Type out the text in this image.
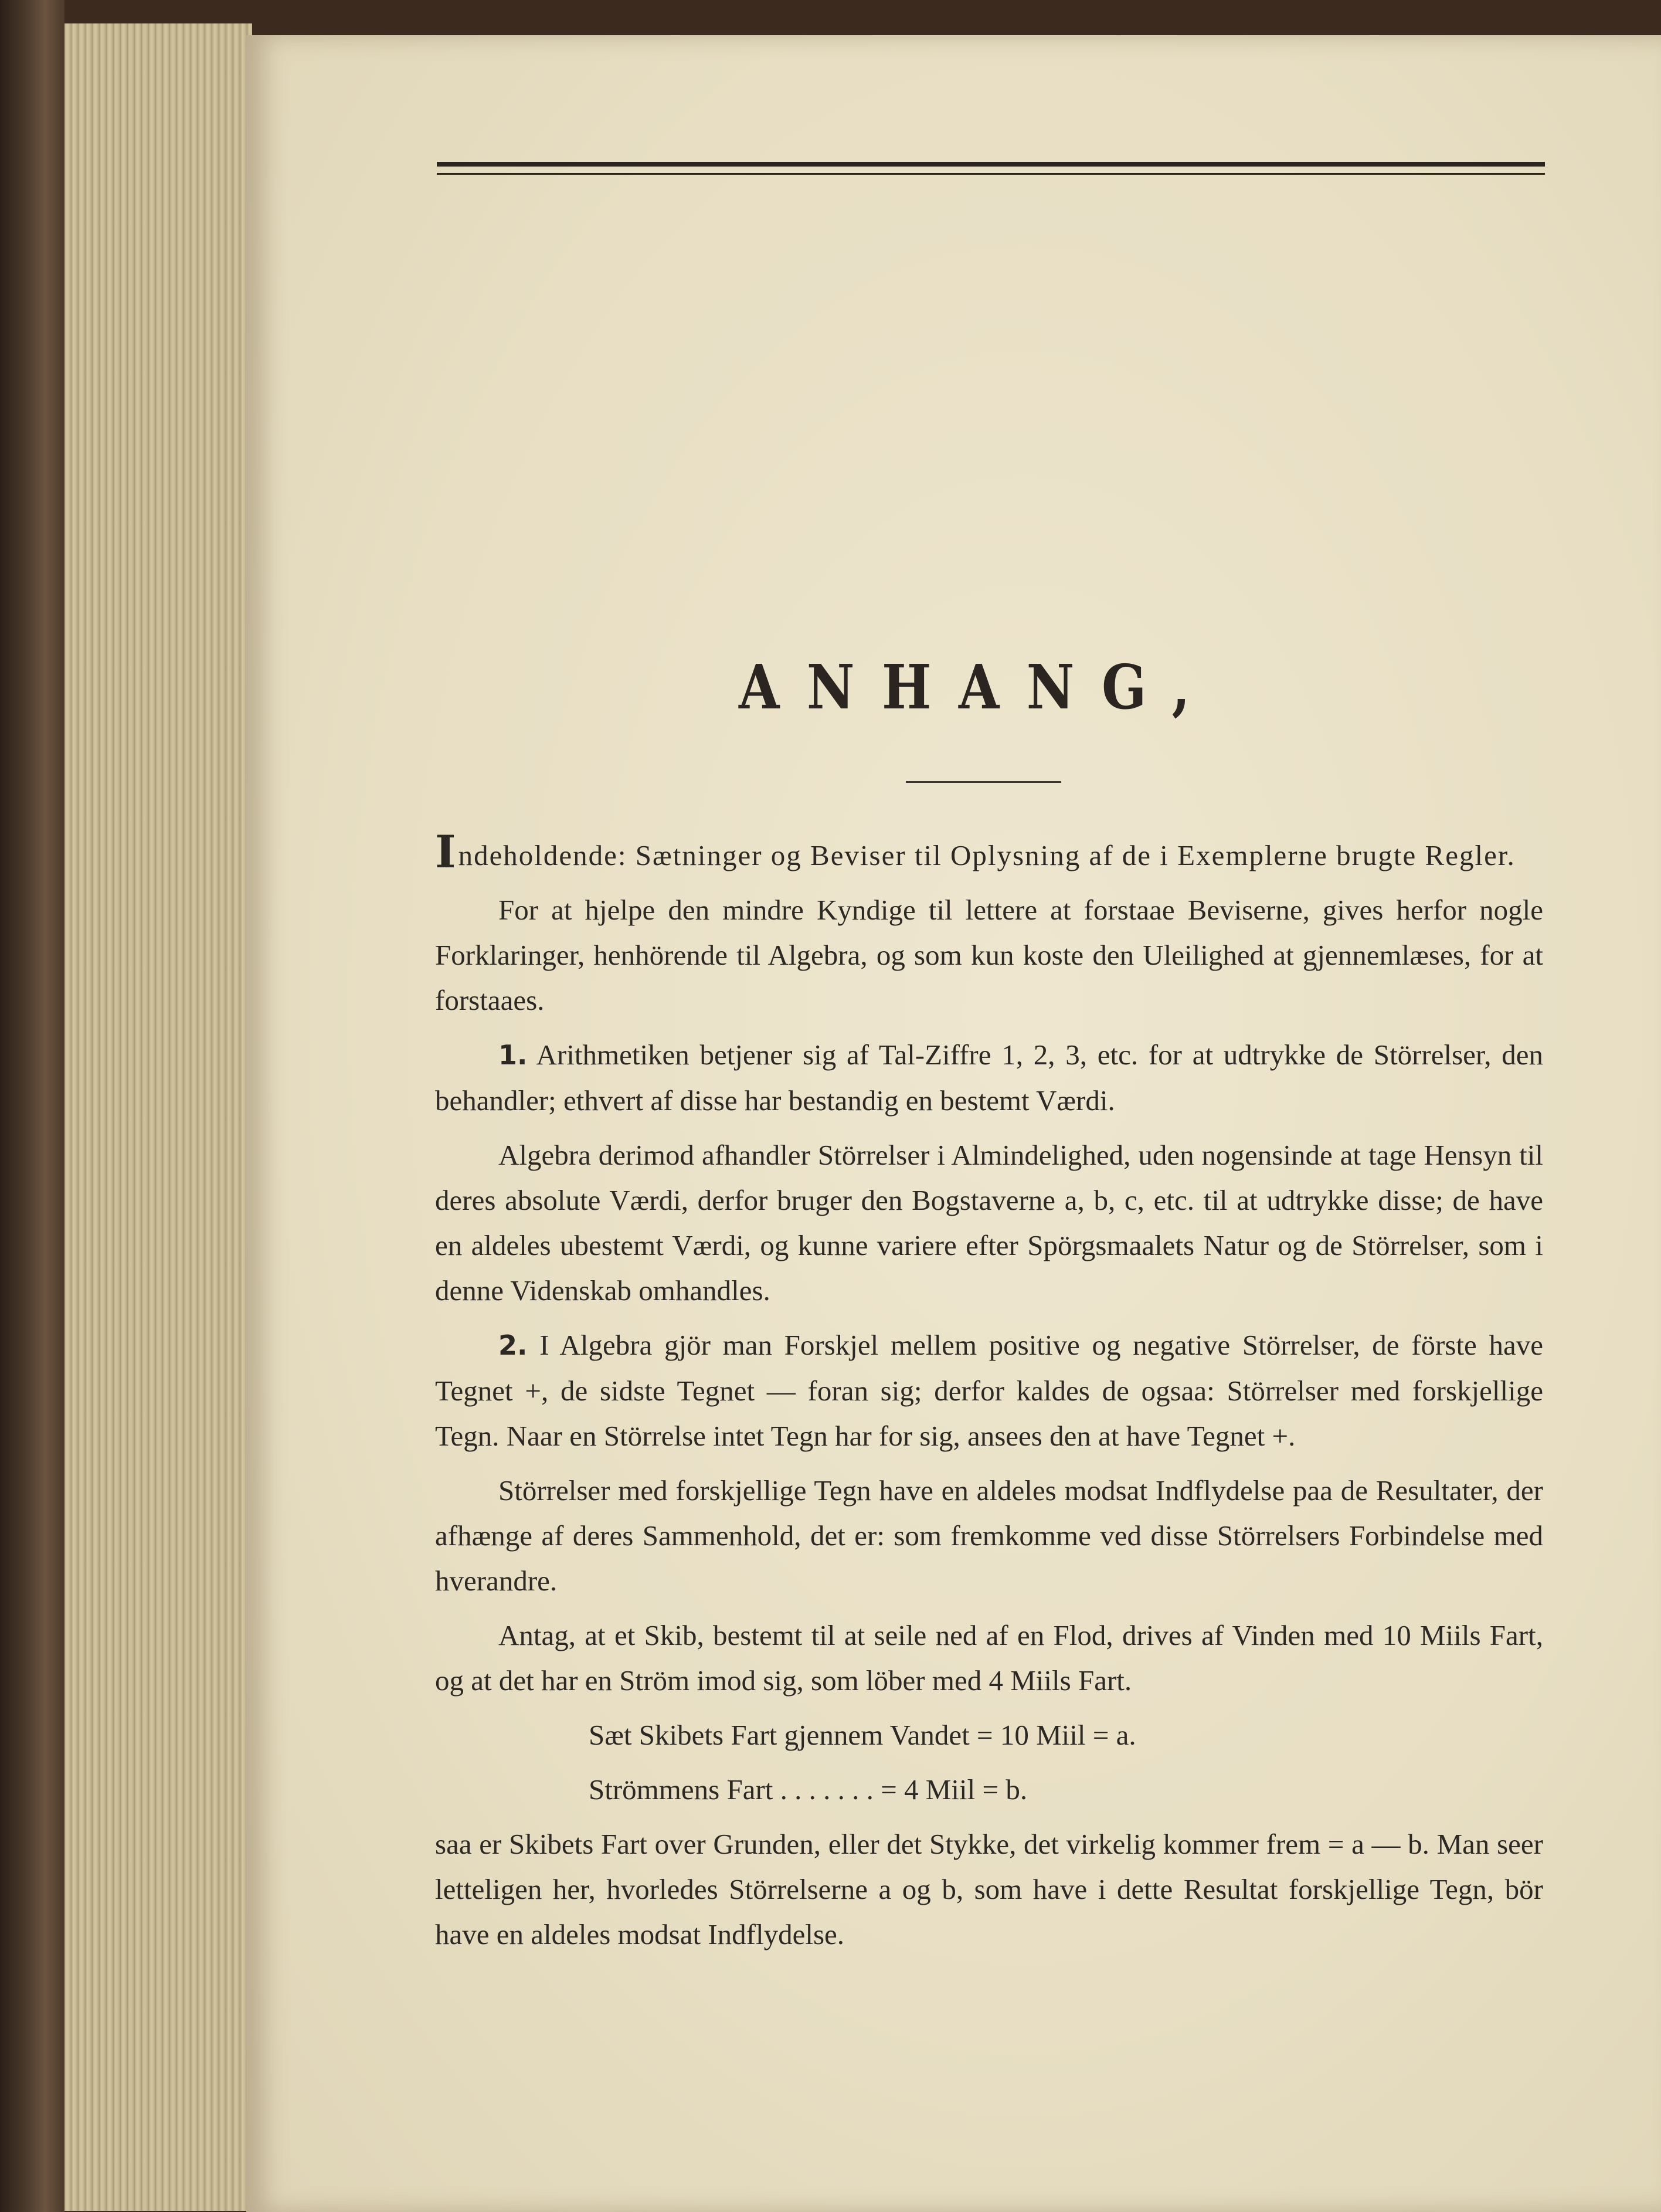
ANHANG,

Indeholdende: Sætninger og Beviser til Oplysning af de i Exemplerne brugte Regler.

For at hjelpe den mindre Kyndige til lettere at forstaae Beviserne, gives herfor nogle Forklaringer, henhörende til Algebra, og som kun koste den Uleilighed at gjennemlæses, for at forstaaes.

1. Arithmetiken betjener sig af Tal-Ziffre 1, 2, 3, etc. for at udtrykke de Störrelser, den behandler; ethvert af disse har bestandig en bestemt Værdi.

Algebra derimod afhandler Störrelser i Almindelighed, uden nogensinde at tage Hensyn til deres absolute Værdi, derfor bruger den Bogstaverne a, b, c, etc. til at udtrykke disse; de have en aldeles ubestemt Værdi, og kunne variere efter Spörgsmaalets Natur og de Störrelser, som i denne Videnskab omhandles.

2. I Algebra gjör man Forskjel mellem positive og negative Störrelser, de förste have Tegnet +, de sidste Tegnet — foran sig; derfor kaldes de ogsaa: Störrelser med forskjellige Tegn. Naar en Störrelse intet Tegn har for sig, ansees den at have Tegnet +.

Störrelser med forskjellige Tegn have en aldeles modsat Indflydelse paa de Resultater, der afhænge af deres Sammenhold, det er: som fremkomme ved disse Störrelsers Forbindelse med hverandre.

Antag, at et Skib, bestemt til at seile ned af en Flod, drives af Vinden med 10 Miils Fart, og at det har en Ström imod sig, som löber med 4 Miils Fart.

Sæt Skibets Fart gjennem Vandet = 10 Miil = a.

Strömmens Fart . . . . . . . = 4 Miil = b.

saa er Skibets Fart over Grunden, eller det Stykke, det virkelig kommer frem = a — b. Man seer letteligen her, hvorledes Störrelserne a og b, som have i dette Resultat forskjellige Tegn, bör have en aldeles modsat Indflydelse.
